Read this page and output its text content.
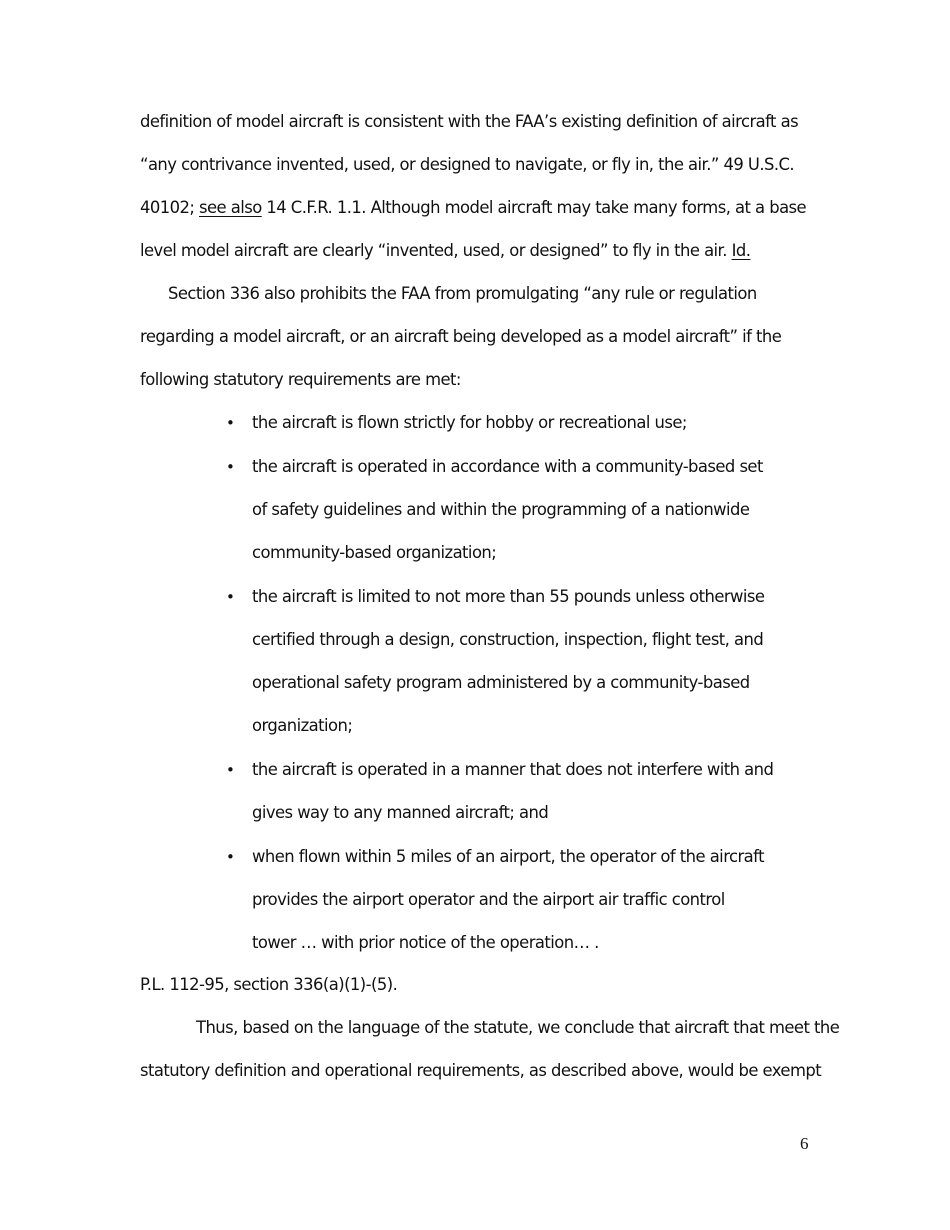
definition of model aircraft is consistent with the FAA’s existing definition of aircraft as
“any contrivance invented, used, or designed to navigate, or fly in, the air.” 49 U.S.C.
40102; see also 14 C.F.R. 1.1. Although model aircraft may take many forms, at a base
level model aircraft are clearly “invented, used, or designed” to fly in the air. Id.
Section 336 also prohibits the FAA from promulgating “any rule or regulation
regarding a model aircraft, or an aircraft being developed as a model aircraft” if the
following statutory requirements are met:
• the aircraft is flown strictly for hobby or recreational use;
• the aircraft is operated in accordance with a community-based set
of safety guidelines and within the programming of a nationwide
community-based organization;
• the aircraft is limited to not more than 55 pounds unless otherwise
certified through a design, construction, inspection, flight test, and
operational safety program administered by a community-based
organization;
• the aircraft is operated in a manner that does not interfere with and
gives way to any manned aircraft; and
• when flown within 5 miles of an airport, the operator of the aircraft
provides the airport operator and the airport air traffic control
tower … with prior notice of the operation… .
P.L. 112-95, section 336(a)(1)-(5).
Thus, based on the language of the statute, we conclude that aircraft that meet the
statutory definition and operational requirements, as described above, would be exempt
6
